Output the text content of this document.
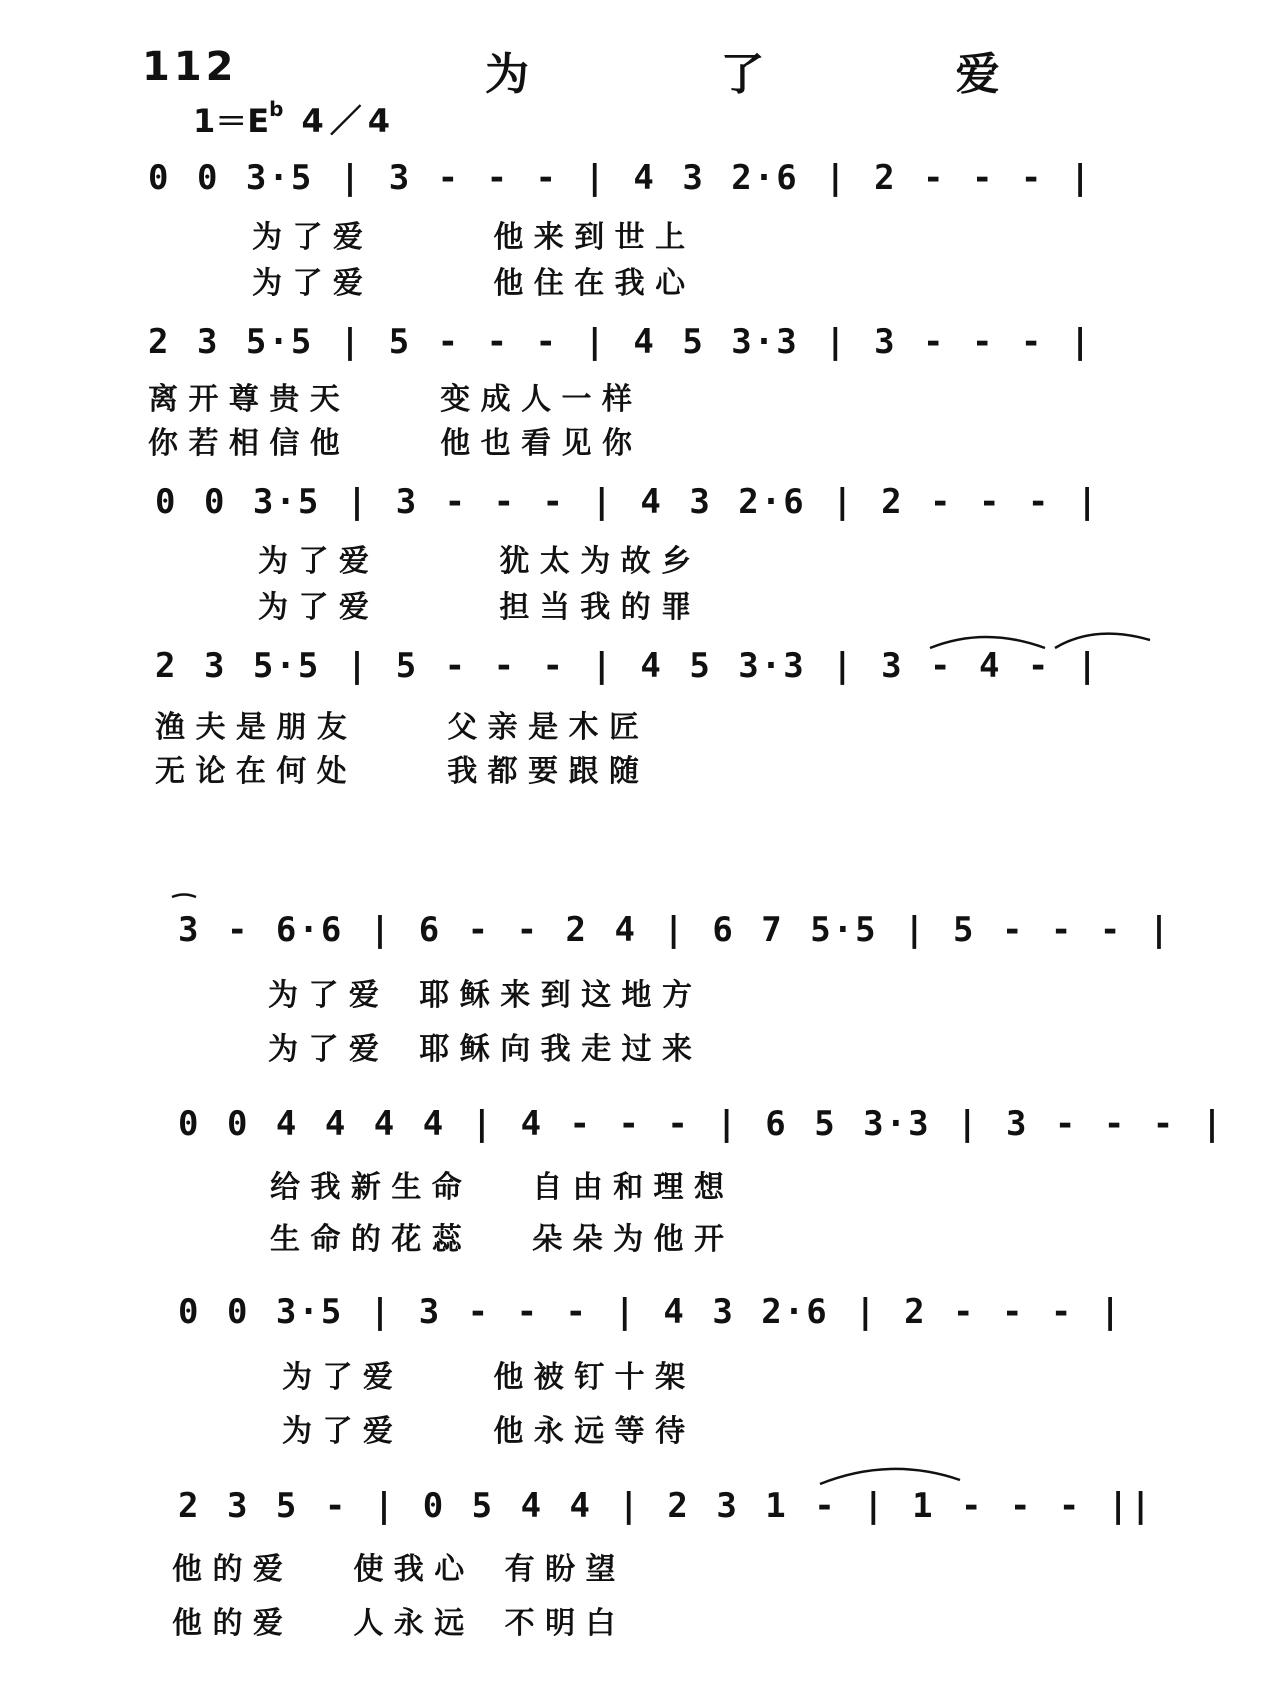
112	为 了 爱
$1=E^b$ 4／4
0 0 3·5 | 3 - - - | 4 3 2·6 | 2 - - - |
为 了 爱　　　　 他 来 到 世 上
为 了 爱　　　　 他 住 在 我 心
2 3 5·5 | 5 - - - | 4 5 3·3 | 3 - - - |
离 开 尊 贵 天　　　 变 成 人 一 样
你 若 相 信 他　　　 他 也 看 见 你
0 0 3·5 | 3 - - - | 4 3 2·6 | 2 - - - |
为 了 爱　　　　 犹 太 为 故 乡
为 了 爱　　　　 担 当 我 的 罪
2 3 5·5 | 5 - - - | 4 5 3·3 | 3 - 4 - |
渔 夫 是 朋 友　　　 父 亲 是 木 匠
无 论 在 何 处　　　 我 都 要 跟 随
3 - 6·6 | 6 - - 2 4 | 6 7 5·5 | 5 - - - |
为 了 爱 　耶 稣 来 到 这 地 方
为 了 爱 　耶 稣 向 我 走 过 来
0 0 4 4 4 4 | 4 - - - | 6 5 3·3 | 3 - - - |
给 我 新 生 命　　 自 由 和 理 想
生 命 的 花 蕊　　 朵 朵 为 他 开
0 0 3·5 | 3 - - - | 4 3 2·6 | 2 - - - |
为 了 爱　　　 他 被 钉 十 架
为 了 爱　　　 他 永 远 等 待
2 3 5 - | 0 5 4 4 | 2 3 1 - | 1 - - - ||
他 的 爱　　 使 我 心　 有 盼 望
他 的 爱　　 人 永 远　 不 明 白
